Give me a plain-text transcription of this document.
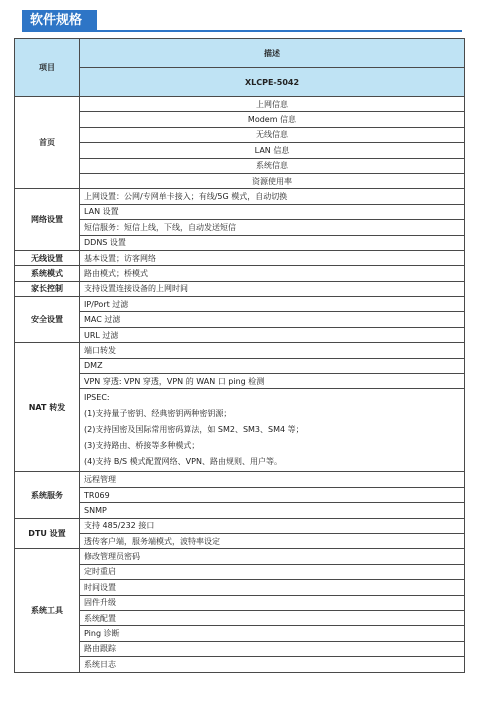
软件规格
项目	描述
	XLCPE-5042
首页	上网信息
	Modem 信息
	无线信息
	LAN 信息
	系统信息
	资源使用率
网络设置	上网设置：公网/专网单卡接入；有线/5G 模式，自动切换
	LAN 设置
	短信服务：短信上线，下线，自动发送短信
	DDNS 设置
无线设置	基本设置；访客网络
系统模式	路由模式；桥模式
家长控制	支持设置连接设备的上网时间
安全设置	IP/Port 过滤
	MAC 过滤
	URL 过滤
NAT 转发	端口转发
	DMZ
	VPN 穿透: VPN 穿透，VPN 的 WAN 口 ping 检测

	IPSEC:
(1)支持量子密钥、经典密钥两种密钥源；
(2)支持国密及国际常用密码算法，如 SM2、SM3、SM4 等；
(3)支持路由、桥接等多种模式；
(4)支持 B/S 模式配置网络、VPN、路由规则、用户等。

系统服务	远程管理
	TR069
	SNMP
DTU 设置	支持 485/232 接口
	透传客户端，服务端模式，波特率设定
系统工具	修改管理员密码
	定时重启
	时间设置
	固件升级
	系统配置
	Ping 诊断
	路由跟踪
	系统日志
